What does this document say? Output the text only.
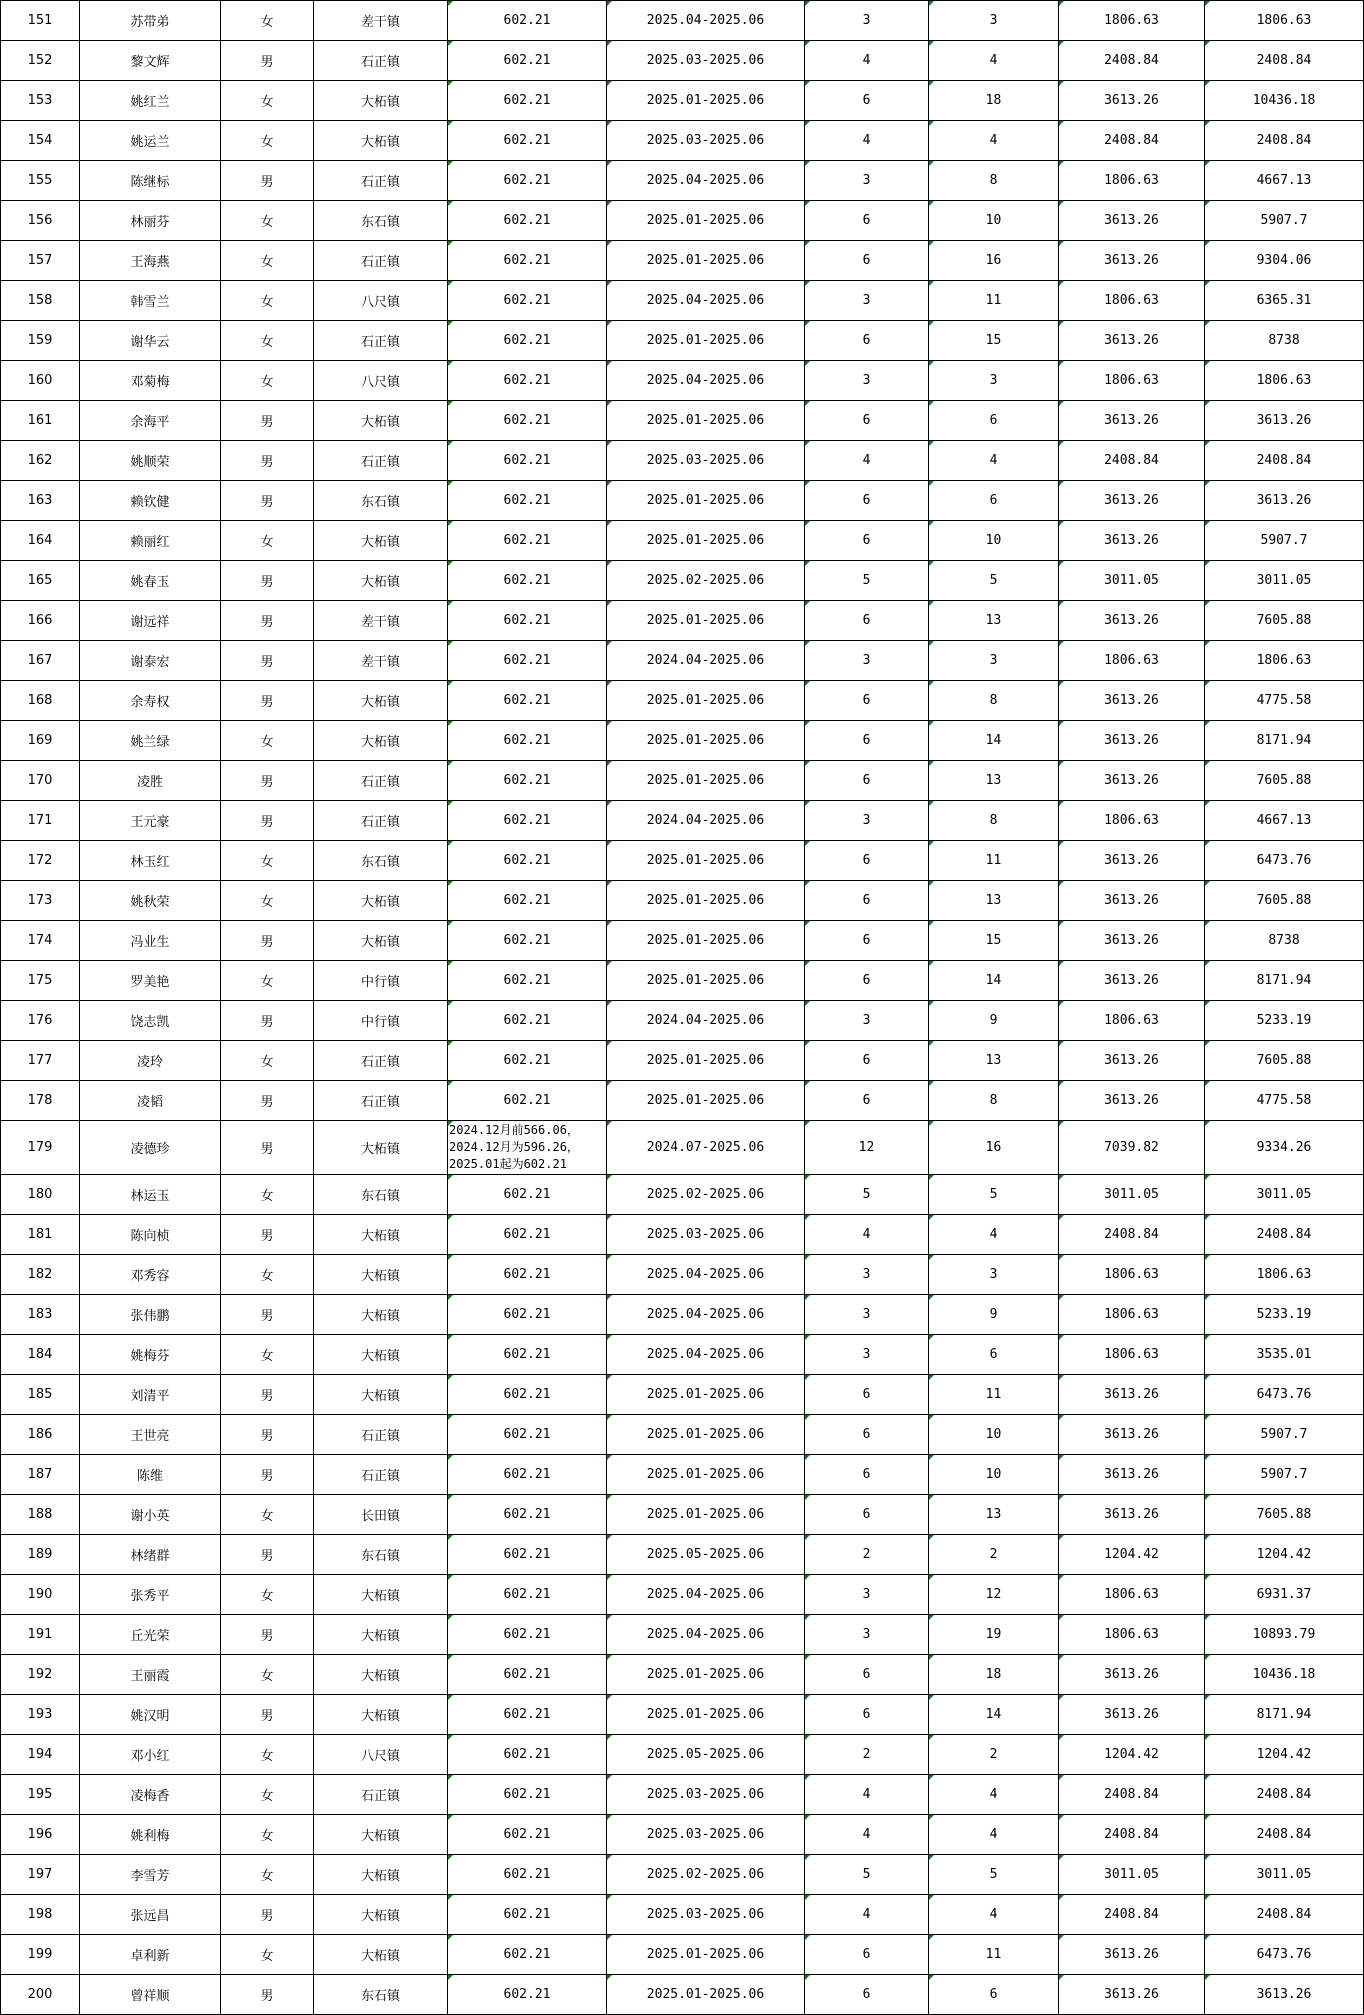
151	苏带弟	女	差干镇	602.21	2025.04-2025.06	3	3	1806.63	1806.63
152	黎文辉	男	石正镇	602.21	2025.03-2025.06	4	4	2408.84	2408.84
153	姚红兰	女	大柘镇	602.21	2025.01-2025.06	6	18	3613.26	10436.18
154	姚运兰	女	大柘镇	602.21	2025.03-2025.06	4	4	2408.84	2408.84
155	陈继标	男	石正镇	602.21	2025.04-2025.06	3	8	1806.63	4667.13
156	林丽芬	女	东石镇	602.21	2025.01-2025.06	6	10	3613.26	5907.7
157	王海燕	女	石正镇	602.21	2025.01-2025.06	6	16	3613.26	9304.06
158	韩雪兰	女	八尺镇	602.21	2025.04-2025.06	3	11	1806.63	6365.31
159	谢华云	女	石正镇	602.21	2025.01-2025.06	6	15	3613.26	8738
160	邓菊梅	女	八尺镇	602.21	2025.04-2025.06	3	3	1806.63	1806.63
161	余海平	男	大柘镇	602.21	2025.01-2025.06	6	6	3613.26	3613.26
162	姚顺荣	男	石正镇	602.21	2025.03-2025.06	4	4	2408.84	2408.84
163	赖钦健	男	东石镇	602.21	2025.01-2025.06	6	6	3613.26	3613.26
164	赖丽红	女	大柘镇	602.21	2025.01-2025.06	6	10	3613.26	5907.7
165	姚春玉	男	大柘镇	602.21	2025.02-2025.06	5	5	3011.05	3011.05
166	谢远祥	男	差干镇	602.21	2025.01-2025.06	6	13	3613.26	7605.88
167	谢泰宏	男	差干镇	602.21	2024.04-2025.06	3	3	1806.63	1806.63
168	余寿权	男	大柘镇	602.21	2025.01-2025.06	6	8	3613.26	4775.58
169	姚兰绿	女	大柘镇	602.21	2025.01-2025.06	6	14	3613.26	8171.94
170	凌胜	男	石正镇	602.21	2025.01-2025.06	6	13	3613.26	7605.88
171	王元豪	男	石正镇	602.21	2024.04-2025.06	3	8	1806.63	4667.13
172	林玉红	女	东石镇	602.21	2025.01-2025.06	6	11	3613.26	6473.76
173	姚秋荣	女	大柘镇	602.21	2025.01-2025.06	6	13	3613.26	7605.88
174	冯业生	男	大柘镇	602.21	2025.01-2025.06	6	15	3613.26	8738
175	罗美艳	女	中行镇	602.21	2025.01-2025.06	6	14	3613.26	8171.94
176	饶志凯	男	中行镇	602.21	2024.04-2025.06	3	9	1806.63	5233.19
177	凌玲	女	石正镇	602.21	2025.01-2025.06	6	13	3613.26	7605.88
178	凌韬	男	石正镇	602.21	2025.01-2025.06	6	8	3613.26	4775.58
179	凌德珍	男	大柘镇	2024.12月前566.06，
2024.12月为596.26，
2025.01起为602.21	2024.07-2025.06	12	16	7039.82	9334.26
180	林运玉	女	东石镇	602.21	2025.02-2025.06	5	5	3011.05	3011.05
181	陈向桢	男	大柘镇	602.21	2025.03-2025.06	4	4	2408.84	2408.84
182	邓秀容	女	大柘镇	602.21	2025.04-2025.06	3	3	1806.63	1806.63
183	张伟鹏	男	大柘镇	602.21	2025.04-2025.06	3	9	1806.63	5233.19
184	姚梅芬	女	大柘镇	602.21	2025.04-2025.06	3	6	1806.63	3535.01
185	刘清平	男	大柘镇	602.21	2025.01-2025.06	6	11	3613.26	6473.76
186	王世亮	男	石正镇	602.21	2025.01-2025.06	6	10	3613.26	5907.7
187	陈维	男	石正镇	602.21	2025.01-2025.06	6	10	3613.26	5907.7
188	谢小英	女	长田镇	602.21	2025.01-2025.06	6	13	3613.26	7605.88
189	林绪群	男	东石镇	602.21	2025.05-2025.06	2	2	1204.42	1204.42
190	张秀平	女	大柘镇	602.21	2025.04-2025.06	3	12	1806.63	6931.37
191	丘光荣	男	大柘镇	602.21	2025.04-2025.06	3	19	1806.63	10893.79
192	王丽霞	女	大柘镇	602.21	2025.01-2025.06	6	18	3613.26	10436.18
193	姚汉明	男	大柘镇	602.21	2025.01-2025.06	6	14	3613.26	8171.94
194	邓小红	女	八尺镇	602.21	2025.05-2025.06	2	2	1204.42	1204.42
195	凌梅香	女	石正镇	602.21	2025.03-2025.06	4	4	2408.84	2408.84
196	姚利梅	女	大柘镇	602.21	2025.03-2025.06	4	4	2408.84	2408.84
197	李雪芳	女	大柘镇	602.21	2025.02-2025.06	5	5	3011.05	3011.05
198	张远昌	男	大柘镇	602.21	2025.03-2025.06	4	4	2408.84	2408.84
199	卓利新	女	大柘镇	602.21	2025.01-2025.06	6	11	3613.26	6473.76
200	曾祥顺	男	东石镇	602.21	2025.01-2025.06	6	6	3613.26	3613.26
